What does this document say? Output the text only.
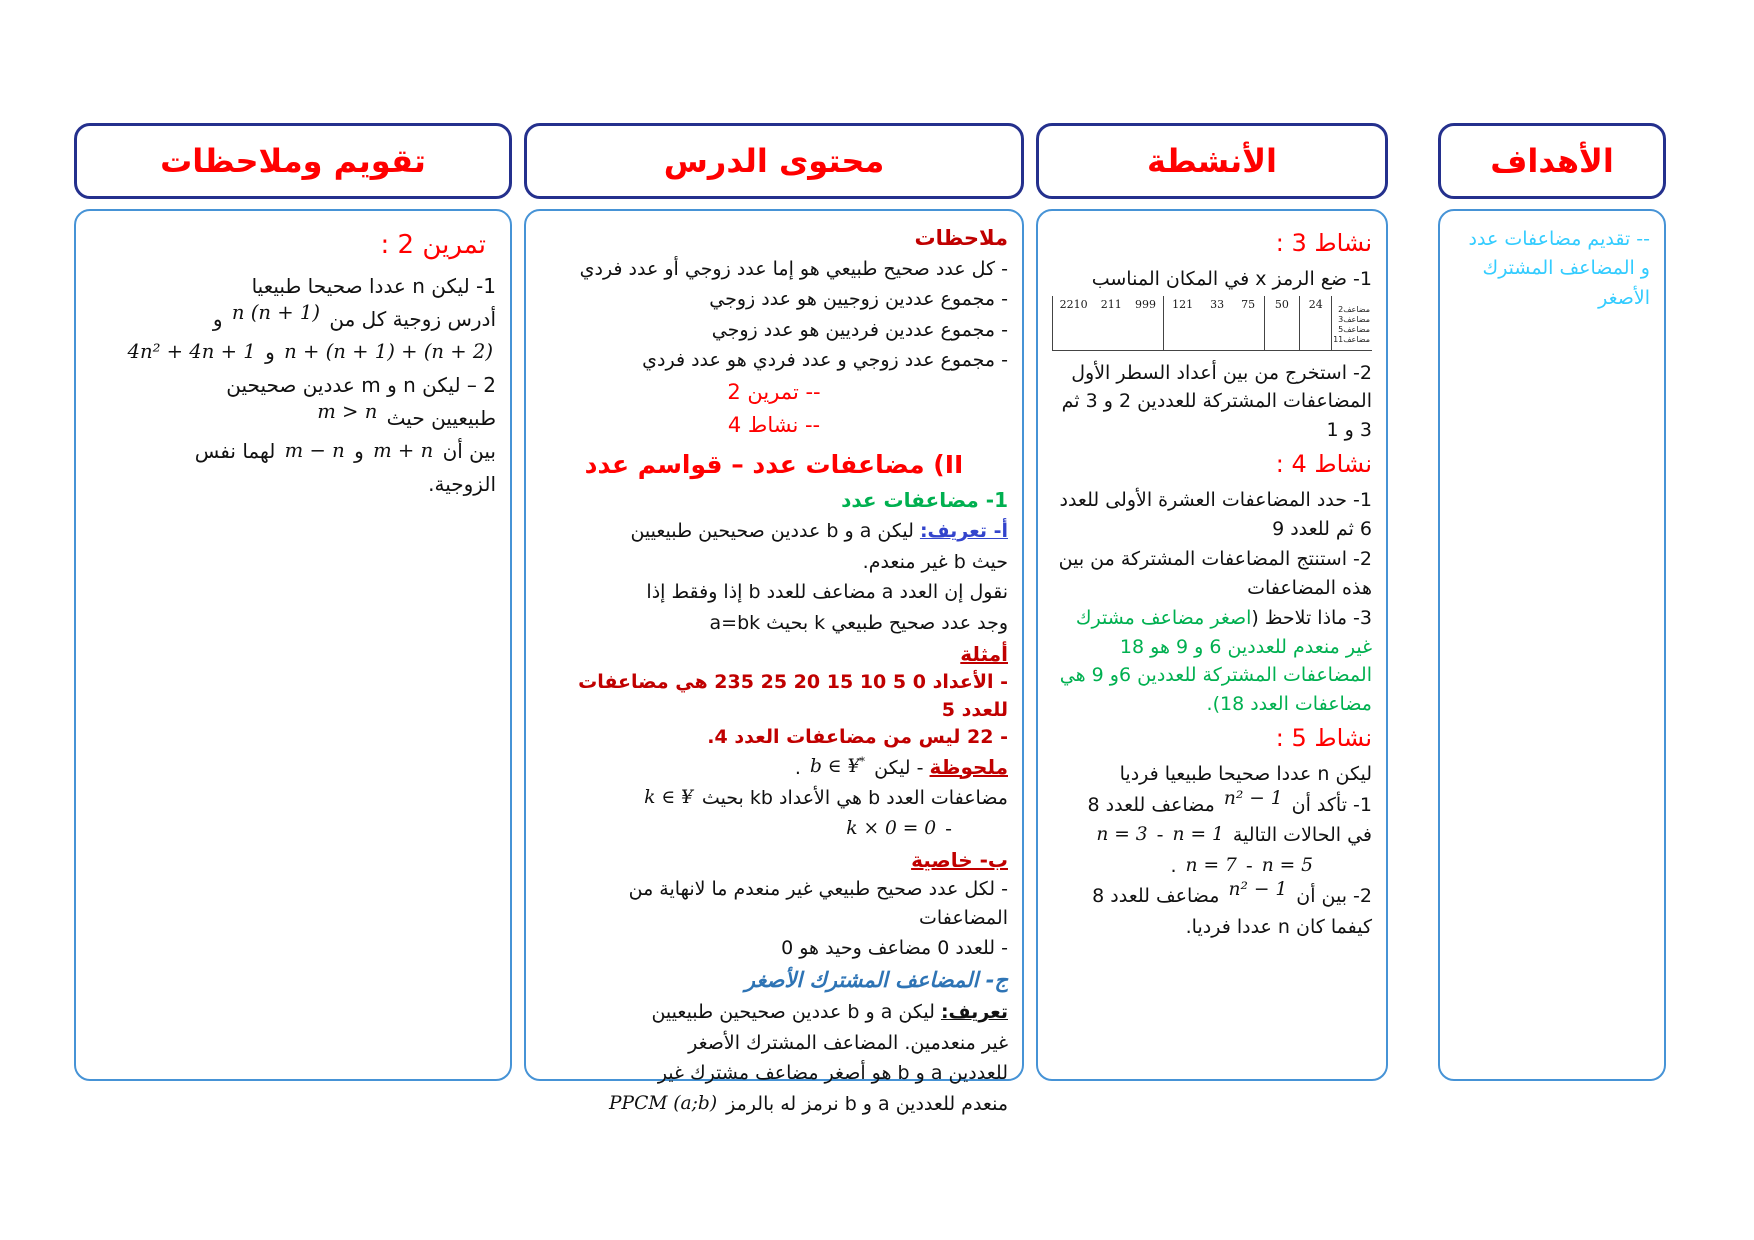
الأهداف
-- تقديم مضاعفات عدد و المضاعف المشترك الأصغر
الأنشطة
نشاط 3 :
1- ضع الرمز x في المكان المناسب
2210 211 999 121 33 75 50 24 مضاعف2
مضاعف3
مضاعف5
مضاعف11
2- استخرج من بين أعداد السطر الأول المضاعفات المشتركة للعددين 2 و 3 ثم 3 و 1
نشاط 4 :
1- حدد المضاعفات العشرة الأولى للعدد 6 ثم للعدد 9
2- استنتج المضاعفات المشتركة من بين هذه المضاعفات
3- ماذا تلاحظ (اصغر مضاعف مشترك غير منعدم للعددين 6 و 9 هو 18 المضاعفات المشتركة للعددين 6و 9 هي مضاعفات العدد 18).
نشاط 5 :
ليكن n عددا صحيحا طبيعيا فرديا
1- تأكد أن n² − 1 مضاعف للعدد 8
في الحالات التالية n = 1 - n = 3
n = 5 - n = 7 .
2- بين أن n² − 1 مضاعف للعدد 8
كيفما كان n عددا فرديا.
محتوى الدرس
ملاحظات
- كل عدد صحيح طبيعي هو إما عدد زوجي أو عدد فردي
- مجموع عددين زوجيين هو عدد زوجي
- مجموع عددين فرديين هو عدد زوجي
- مجموع عدد زوجي و عدد فردي هو عدد فردي
-- تمرين 2
-- نشاط 4
II) مضاعفات عدد – قواسم عدد
1- مضاعفات عدد
أ- تعريف: ليكن a و b عددين صحيحين طبيعيين
حيث b غير منعدم.
نقول إن العدد a مضاعف للعدد b إذا وفقط إذا
وجد عدد صحيح طبيعي k بحيث a=bk
أمثلة
- الأعداد 0 5 10 15 20 25 235 هي مضاعفات للعدد 5
- 22 ليس من مضاعفات العدد 4.
ملحوظة - ليكن b ∈ ¥* .
مضاعفات العدد b هي الأعداد kb بحيث k ∈ ¥
- k × 0 = 0
ب- خاصية
- لكل عدد صحيح طبيعي غير منعدم ما لانهاية من المضاعفات
- للعدد 0 مضاعف وحيد هو 0
ج- المضاعف المشترك الأصغر
تعريف: ليكن a و b عددين صحيحين طبيعيين
غير منعدمين. المضاعف المشترك الأصغر
للعددين a و b هو أصغر مضاعف مشترك غير
منعدم للعددين a و b نرمز له بالرمز PPCM (a;b)
تقويم وملاحظات
تمرين 2 :
1- ليكن n عددا صحيحا طبيعيا
أدرس زوجية كل من n (n + 1) و
n + (n + 1) + (n + 2) و 4n² + 4n + 1
2 – ليكن n و m عددين صحيحين
طبيعيين حيث m > n
بين أن m + n و m − n لهما نفس
الزوجية.
